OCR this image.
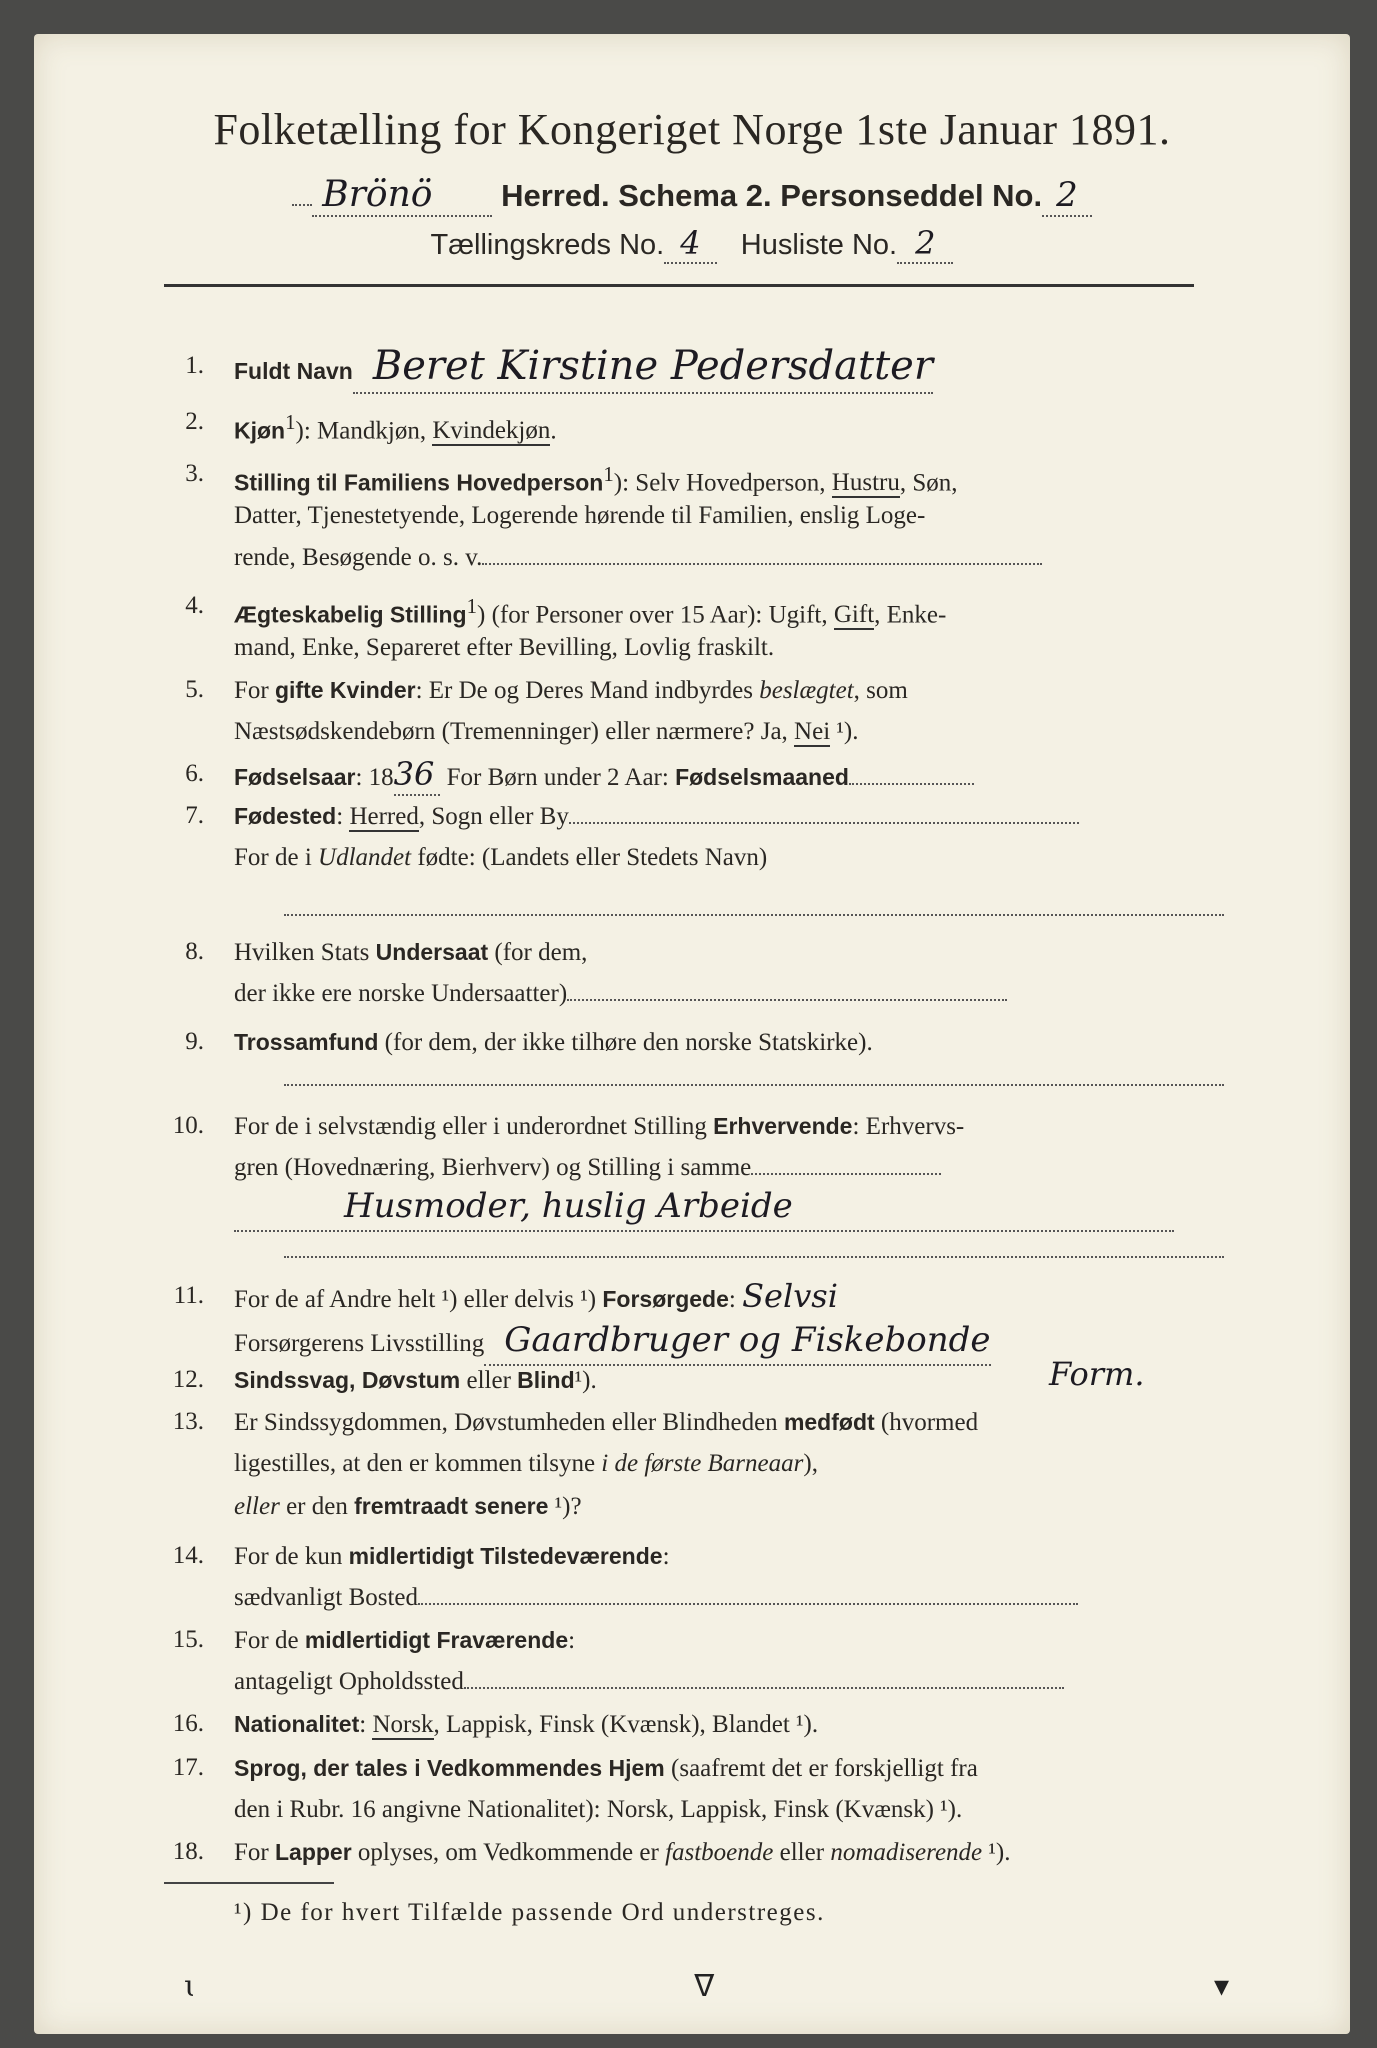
Folketælling for Kongeriget Norge 1ste Januar 1891.
Brönö Herred. Schema 2. Personseddel No. 2
Tællingskreds No. 4 Husliste No. 2
1. Fuldt Navn Beret Kirstine Pedersdatter
2. Kjøn$^1$): Mandkjøn, Kvindekjøn.
3. Stilling til Familiens Hovedperson$^1$): Selv Hovedperson, Hustru, Søn,
Datter, Tjenestetyende, Logerende hørende til Familien, enslig Loge-
rende, Besøgende o. s. v.
4. Ægteskabelig Stilling$^1$) (for Personer over 15 Aar): Ugift, Gift, Enke-
mand, Enke, Separeret efter Bevilling, Lovlig fraskilt.
5. For gifte Kvinder: Er De og Deres Mand indbyrdes beslægtet, som
Næstsødskendebørn (Tremenninger) eller nærmere? Ja, Nei ¹).
6. Fødselsaar: 1836 For Børn under 2 Aar: Fødselsmaaned
7. Fødested: Herred, Sogn eller By
For de i Udlandet fødte: (Landets eller Stedets Navn)
8. Hvilken Stats Undersaat (for dem,
der ikke ere norske Undersaatter)
9. Trossamfund (for dem, der ikke tilhøre den norske Statskirke).
10. For de i selvstændig eller i underordnet Stilling Erhvervende: Erhvervs-
gren (Hovednæring, Bierhverv) og Stilling i samme
Husmoder, huslig Arbeide
11. For de af Andre helt ¹) eller delvis ¹) Forsørgede: Selvsi
Forsørgerens Livsstilling Gaardbruger og Fiskebonde
12. Sindssvag, Døvstum eller Blind¹).	Form.
13. Er Sindssygdommen, Døvstumheden eller Blindheden medfødt (hvormed
ligestilles, at den er kommen tilsyne i de første Barneaar),
eller er den fremtraadt senere ¹)?
14. For de kun midlertidigt Tilstedeværende:
sædvanligt Bosted
15. For de midlertidigt Fraværende:
antageligt Opholdssted
16. Nationalitet: Norsk, Lappisk, Finsk (Kvænsk), Blandet ¹).
17. Sprog, der tales i Vedkommendes Hjem (saafremt det er forskjelligt fra
den i Rubr. 16 angivne Nationalitet): Norsk, Lappisk, Finsk (Kvænsk) ¹).
18. For Lapper oplyses, om Vedkommende er fastboende eller nomadiserende ¹).
¹) De for hvert Tilfælde passende Ord understreges.
ɩ	ᐁ	▾
